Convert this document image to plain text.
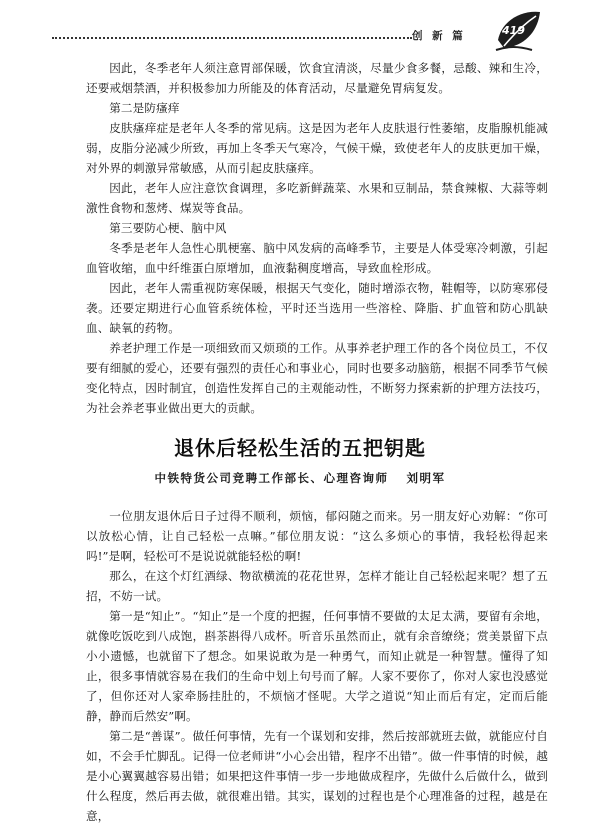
创 新 篇	419

因此，冬季老年人须注意胃部保暖，饮食宜清淡，尽量少食多餐，忌酸、辣和生冷，还要戒烟禁酒，并积极参加力所能及的体育活动，尽量避免胃病复发。

第二是防瘙痒

皮肤瘙痒症是老年人冬季的常见病。这是因为老年人皮肤退行性萎缩，皮脂腺机能减弱，皮脂分泌减少所致，再加上冬季天气寒冷，气候干燥，致使老年人的皮肤更加干燥，对外界的刺激异常敏感，从而引起皮肤瘙痒。

因此，老年人应注意饮食调理，多吃新鲜蔬菜、水果和豆制品，禁食辣椒、大蒜等刺激性食物和葱烤、煤炭等食品。

第三要防心梗、脑中风

冬季是老年人急性心肌梗塞、脑中风发病的高峰季节，主要是人体受寒冷刺激，引起血管收缩，血中纤维蛋白原增加，血液黏稠度增高，导致血栓形成。

因此，老年人需重视防寒保暖，根据天气变化，随时增添衣物，鞋帽等，以防寒邪侵袭。还要定期进行心血管系统体检，平时还当选用一些溶栓、降脂、扩血管和防心肌缺血、缺氧的药物。

养老护理工作是一项细致而又烦琐的工作。从事养老护理工作的各个岗位员工，不仅要有细腻的爱心，还要有强烈的责任心和事业心，同时也要多动脑筋，根据不同季节气候变化特点，因时制宜，创造性发挥自己的主观能动性，不断努力探索新的护理方法技巧，为社会养老事业做出更大的贡献。

退休后轻松生活的五把钥匙
中铁特货公司竞聘工作部长、心理咨询师 刘明军

一位朋友退休后日子过得不顺利，烦恼，郁闷随之而来。另一朋友好心劝解：“你可以放松心情，让自己轻松一点嘛。”郁位朋友说：“这么多烦心的事情，我轻松得起来吗!”是啊，轻松可不是说说就能轻松的啊!

那么，在这个灯红酒绿、物欲横流的花花世界，怎样才能让自己轻松起来呢？想了五招，不妨一试。

第一是“知止”。“知止”是一个度的把握，任何事情不要做的太足太满，要留有余地，就像吃饭吃到八成饱，斟茶斟得八成杯。听音乐虽然而止，就有余音缭绕；赏美景留下点小小遗憾，也就留下了想念。如果说敢为是一种勇气，而知止就是一种智慧。懂得了知止，很多事情就容易在我们的生命中划上句号而了解。人家不要你了，你对人家也没感觉了，但你还对人家牵肠挂肚的，不烦恼才怪呢。大学之道说“知止而后有定，定而后能静，静而后然安”啊。

第二是“善谋”。做任何事情，先有一个谋划和安排，然后按部就班去做，就能应付自如，不会手忙脚乱。记得一位老师讲“小心会出错，程序不出错”。做一件事情的时候，越是小心翼翼越容易出错；如果把这件事情一步一步地做成程序，先做什么后做什么，做到什么程度，然后再去做，就很难出错。其实，谋划的过程也是个心理准备的过程，越是在意，
